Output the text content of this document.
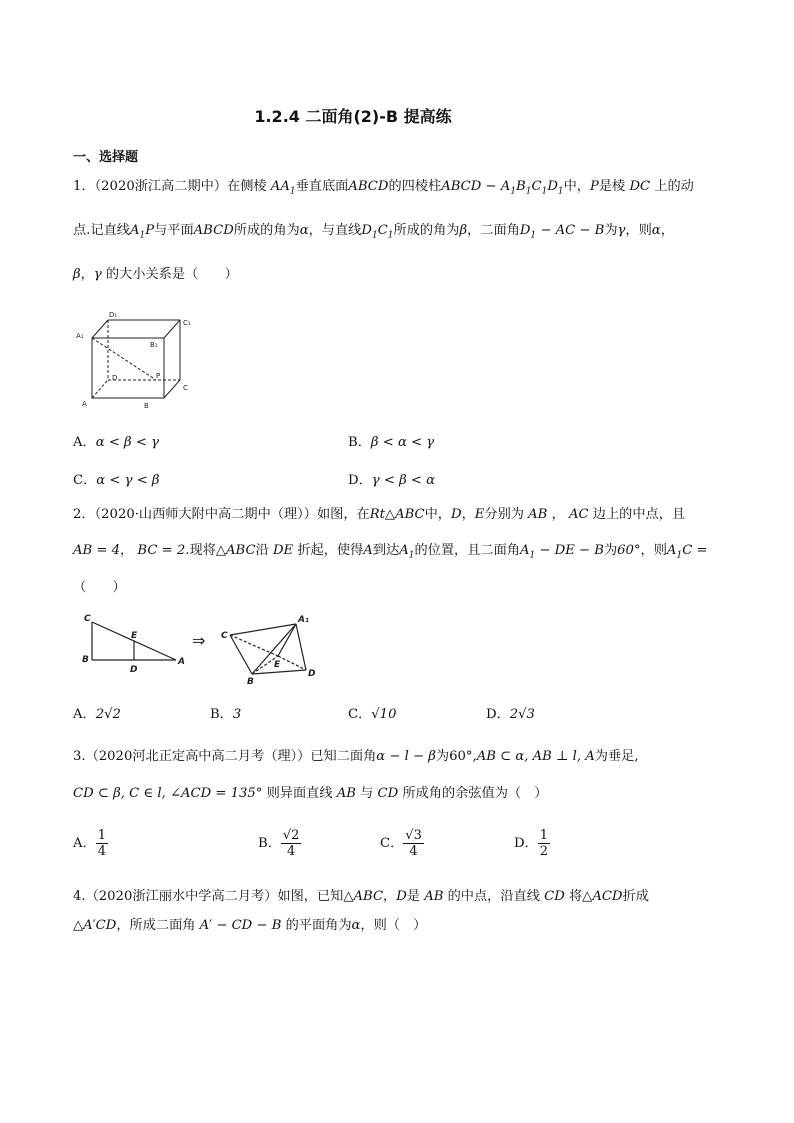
1.2.4 二面角(2)-B 提高练
一、选择题
1．（2020浙江高二期中）在侧棱 $AA_1$垂直底面ABCD的四棱柱ABCD − $A_1B_1C_1D_1$中，P是棱 DC 上的动
点.记直线$A_1P$与平面ABCD所成的角为α，与直线$D_1C_1$所成的角为β，二面角$D_1$ − AC − B为γ，则α，
β，γ 的大小关系是（　　）
D₁
C₁
A₁
B₁
D	P
C
A	B
A．α < β < γ	B．β < α < γ
C．α < γ < β	D．γ < β < α
2．（2020·山西师大附中高二期中（理））如图，在Rt△ABC中，D，E分别为 AB ， AC 边上的中点，且
AB = 4， BC = 2.现将△ABC沿 DE 折起，使得A到达$A_1$的位置，且二面角$A_1$ − DE − B为60°，则$A_1C$ =
（　　）
C
E
B
D
A
C
A₁
E
B
D
⇒
A．2√2	B．3	C．√10	D．2√3
3.（2020河北正定高中高二月考（理））已知二面角α − l − β为60°,AB ⊂ α, AB ⊥ l, A为垂足,
CD ⊂ β, C ∈ l, ∠ACD = 135° 则异面直线 AB 与 CD 所成角的余弦值为（　）
A． $\frac{1}{4}$	B． $\frac{√2}{4}$	C． $\frac{√3}{4}$	D． $\frac{1}{2}$
4.（2020浙江丽水中学高二月考）如图，已知△ABC，D是 AB 的中点，沿直线 CD 将△ACD折成
△A′CD，所成二面角 A′ − CD − B 的平面角为α，则（　）
